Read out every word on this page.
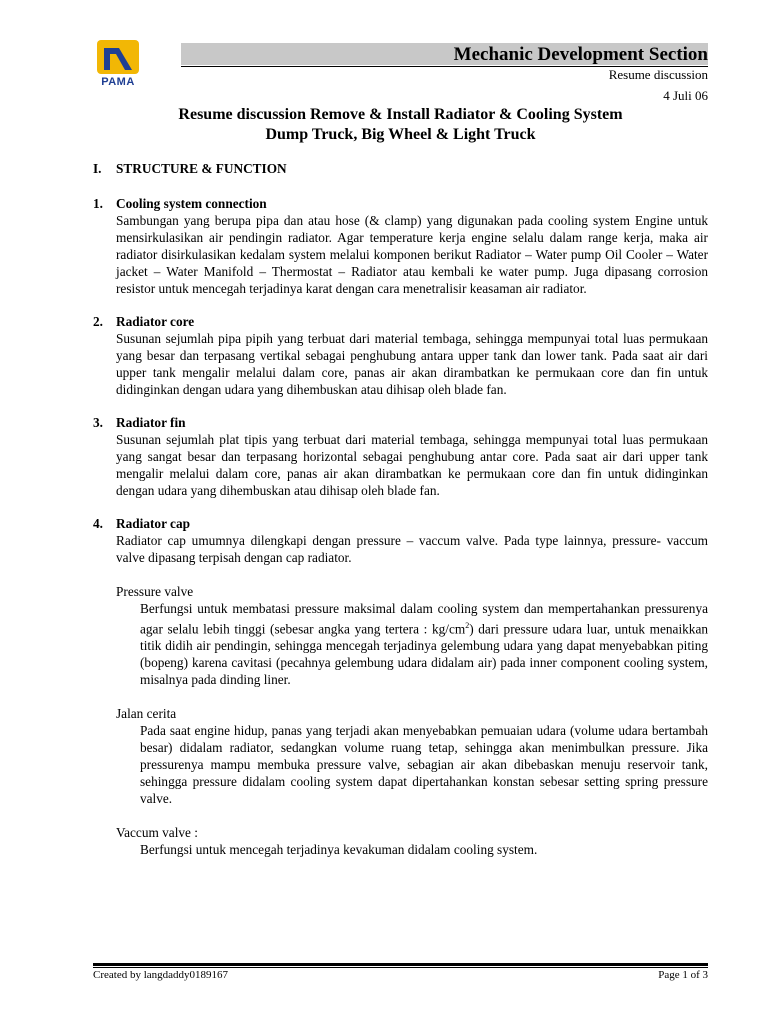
PAMA
Mechanic Development Section
Resume discussion
4 Juli 06
Resume discussion Remove & Install Radiator & Cooling System
Dump Truck, Big Wheel & Light Truck
I.	STRUCTURE & FUNCTION
1. Cooling system connection
Sambungan yang berupa pipa dan atau hose (& clamp) yang digunakan pada cooling system Engine untuk mensirkulasikan air pendingin radiator. Agar temperature kerja engine selalu dalam range kerja, maka air radiator disirkulasikan kedalam system melalui komponen berikut Radiator – Water pump Oil Cooler – Water jacket – Water Manifold – Thermostat – Radiator atau kembali ke water pump. Juga dipasang corrosion resistor untuk mencegah terjadinya karat dengan cara menetralisir keasaman air radiator.
2. Radiator core
Susunan sejumlah pipa pipih yang terbuat dari material tembaga, sehingga mempunyai total luas permukaan yang besar dan terpasang vertikal sebagai penghubung antara upper tank dan lower tank. Pada saat air dari upper tank mengalir melalui dalam core, panas air akan dirambatkan ke permukaan core dan fin untuk didinginkan dengan udara yang dihembuskan atau dihisap oleh blade fan.
3. Radiator fin
Susunan sejumlah plat tipis yang terbuat dari material tembaga, sehingga mempunyai total luas permukaan yang sangat besar dan terpasang horizontal sebagai penghubung antar core. Pada saat air dari upper tank mengalir melalui dalam core, panas air akan dirambatkan ke permukaan core dan fin untuk didinginkan dengan udara yang dihembuskan atau dihisap oleh blade fan.
4. Radiator cap
Radiator cap umumnya dilengkapi dengan pressure – vaccum valve. Pada type lainnya, pressure- vaccum valve dipasang terpisah dengan cap radiator.
Pressure valve
Berfungsi untuk membatasi pressure maksimal dalam cooling system dan mempertahankan pressurenya agar selalu lebih tinggi (sebesar angka yang tertera : $kg/cm^2$) dari pressure udara luar, untuk menaikkan titik didih air pendingin, sehingga mencegah terjadinya gelembung udara yang dapat menyebabkan piting (bopeng) karena cavitasi (pecahnya gelembung udara didalam air) pada inner component cooling system, misalnya pada dinding liner.
Jalan cerita
Pada saat engine hidup, panas yang terjadi akan menyebabkan pemuaian udara (volume udara bertambah besar) didalam radiator, sedangkan volume ruang tetap, sehingga akan menimbulkan pressure. Jika pressurenya mampu membuka pressure valve, sebagian air akan dibebaskan menuju reservoir tank, sehingga pressure didalam cooling system dapat dipertahankan konstan sebesar setting spring pressure valve.
Vaccum valve :
Berfungsi untuk mencegah terjadinya kevakuman didalam cooling system.
Created by langdaddy0189167	Page 1 of 3
